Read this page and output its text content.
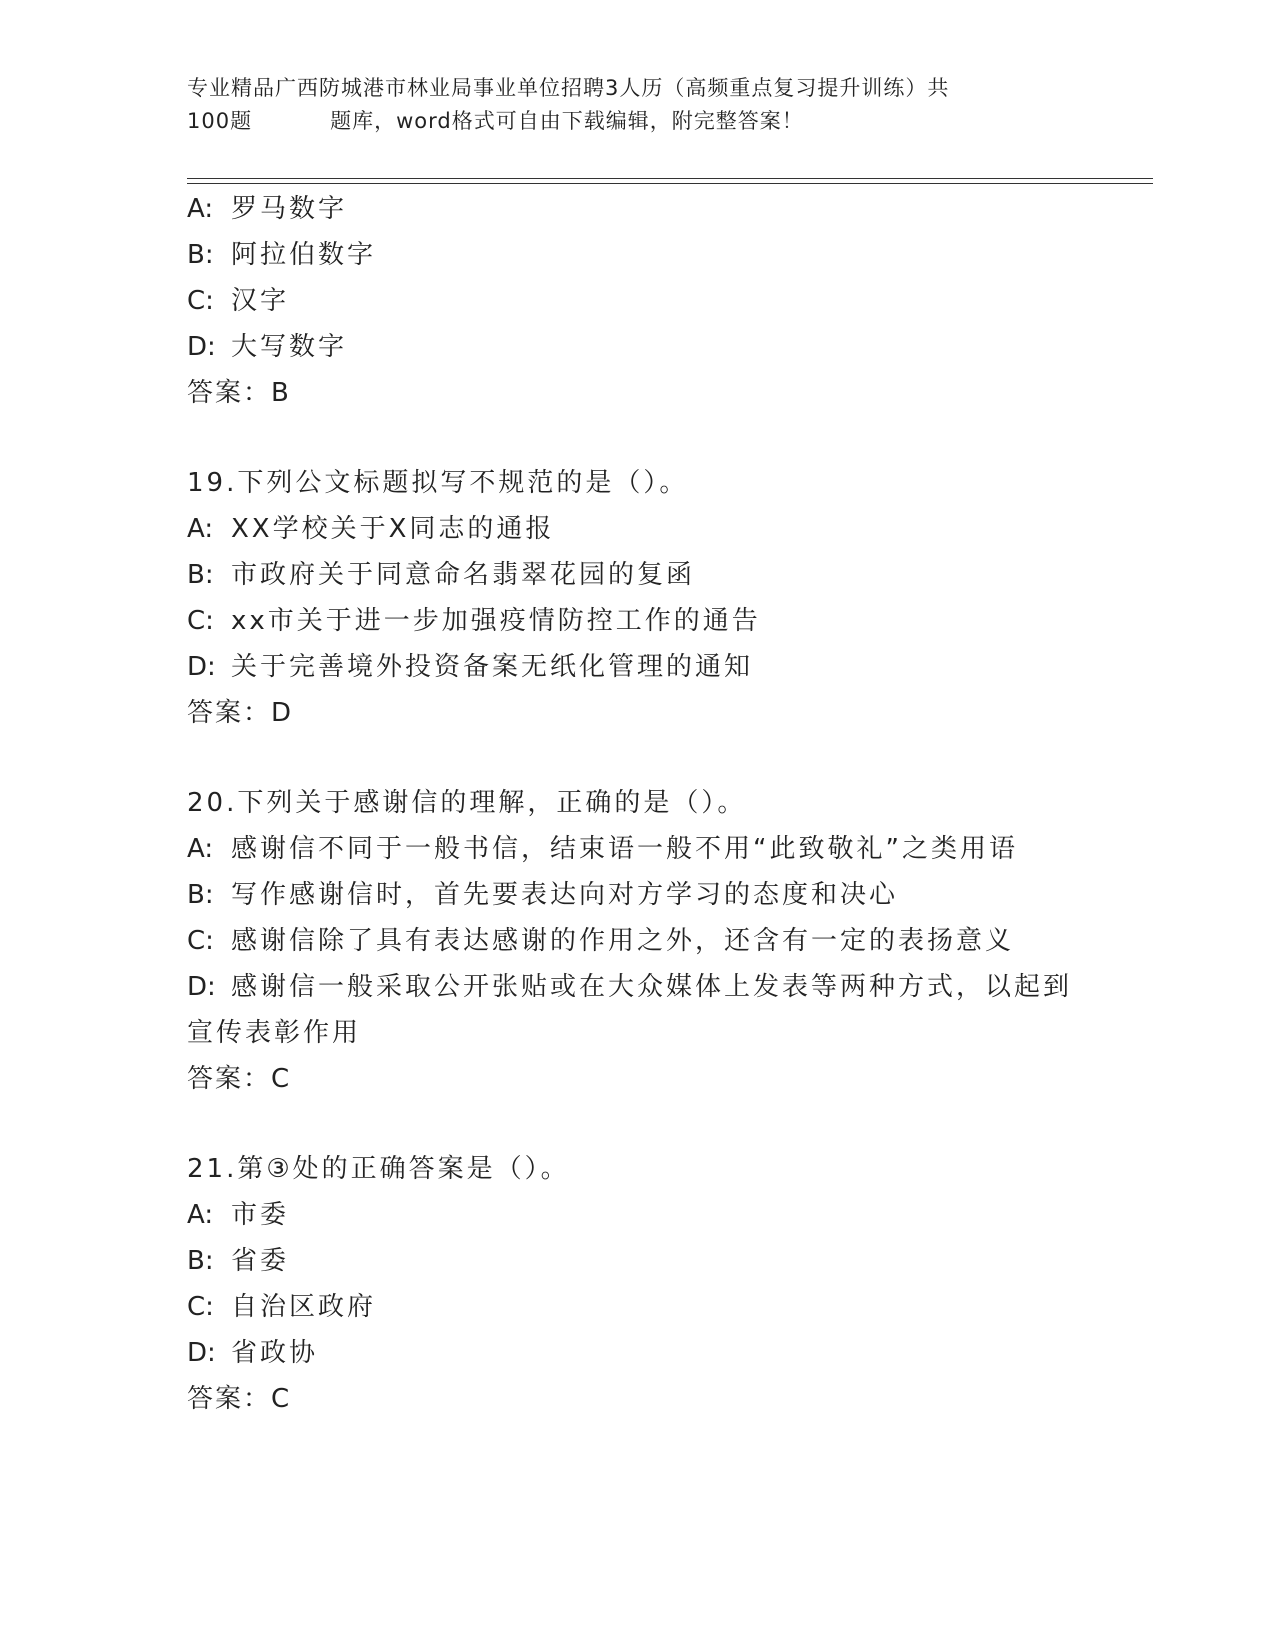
专业精品广西防城港市林业局事业单位招聘3人历（高频重点复习提升训练）共
100题	题库，word格式可自由下载编辑，附完整答案！
A: 罗马数字
B: 阿拉伯数字
C: 汉字
D: 大写数字
答案：B
19.下列公文标题拟写不规范的是（）。
A: XX学校关于X同志的通报
B: 市政府关于同意命名翡翠花园的复函
C: xx市关于进一步加强疫情防控工作的通告
D: 关于完善境外投资备案无纸化管理的通知
答案：D
20.下列关于感谢信的理解，正确的是（）。
A: 感谢信不同于一般书信，结束语一般不用“此致敬礼”之类用语
B: 写作感谢信时，首先要表达向对方学习的态度和决心
C: 感谢信除了具有表达感谢的作用之外，还含有一定的表扬意义
D: 感谢信一般采取公开张贴或在大众媒体上发表等两种方式，以起到
宣传表彰作用
答案：C
21.第③处的正确答案是（）。
A: 市委
B: 省委
C: 自治区政府
D: 省政协
答案：C
